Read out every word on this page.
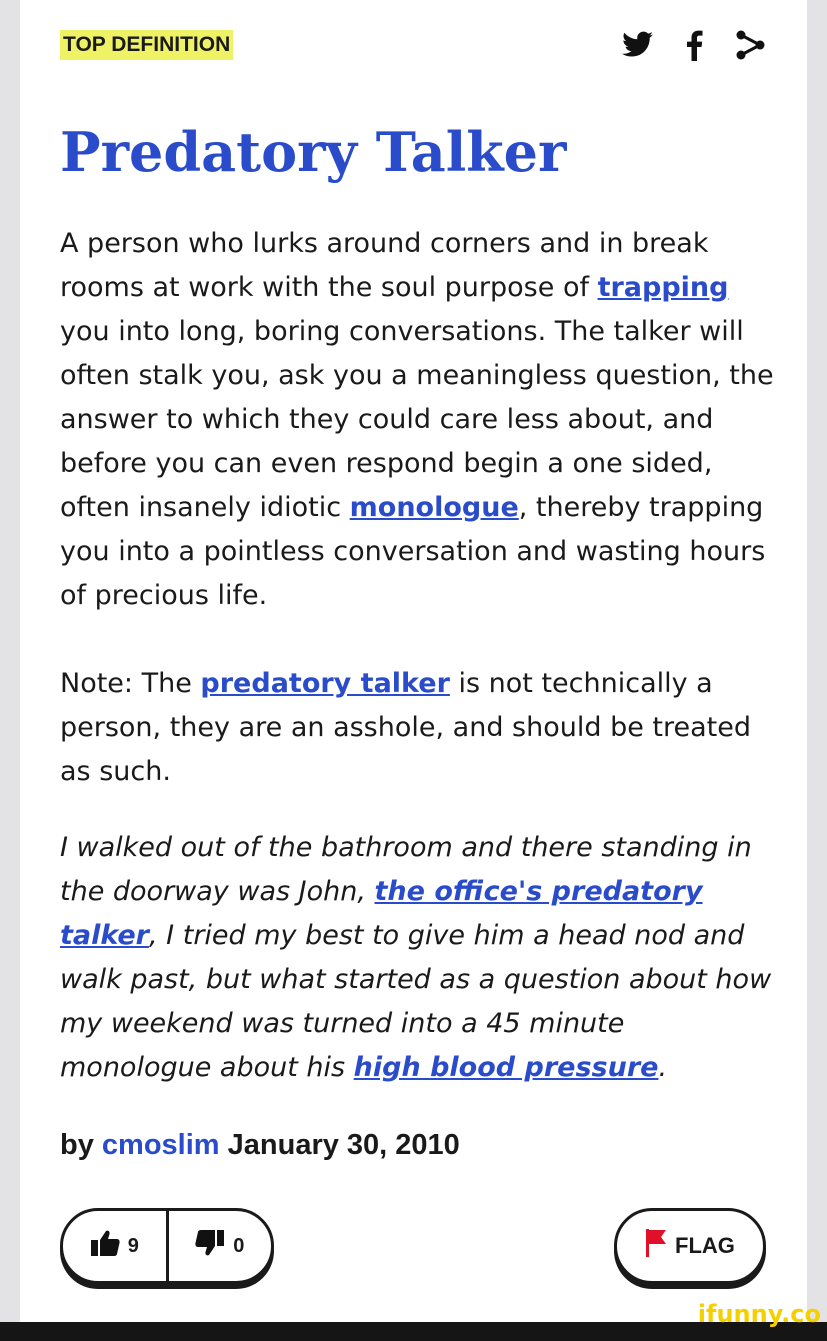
TOP DEFINITION
Predatory Talker

A person who lurks around corners and in break rooms at work with the soul purpose of trapping you into long, boring conversations. The talker will often stalk you, ask you a meaningless question, the answer to which they could care less about, and before you can even respond begin a one sided, often insanely idiotic monologue, thereby trapping you into a pointless conversation and wasting hours of precious life.

Note: The predatory talker is not technically a person, they are an asshole, and should be treated as such.

I walked out of the bathroom and there standing in the doorway was John, the office's predatory talker, I tried my best to give him a head nod and walk past, but what started as a question about how my weekend was turned into a 45 minute monologue about his high blood pressure.
by cmoslim January 30, 2010
9	0	FLAG
ifunny.co
